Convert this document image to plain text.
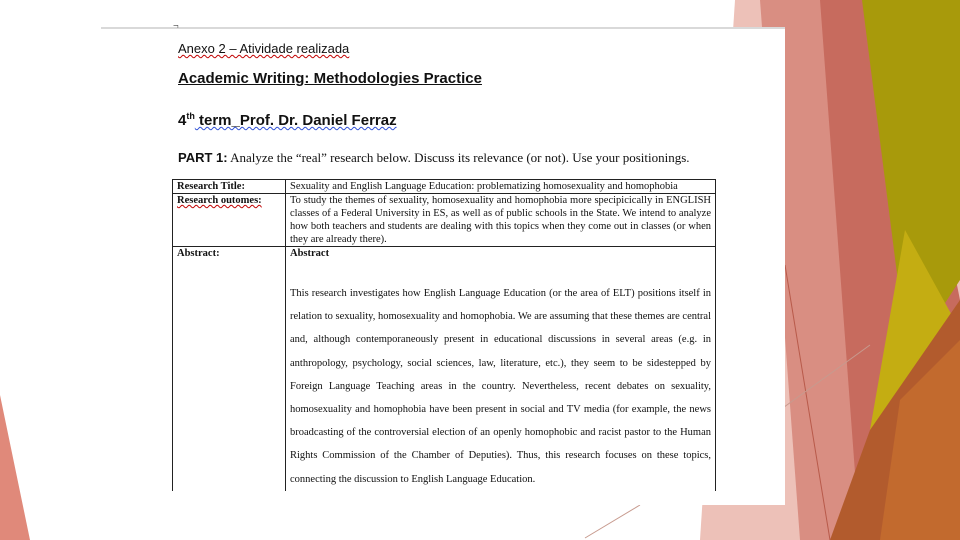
¬
Anexo 2 – Atividade realizada
Academic Writing: Methodologies Practice
4th term_Prof. Dr. Daniel Ferraz
PART 1: Analyze the “real” research below. Discuss its relevance (or not). Use your positionings.
Research Title:	Sexuality and English Language Education: problematizing homosexuality and homophobia
Research outomes:	To study the themes of sexuality, homosexuality and homophobia more specipicically in ENGLISH classes of a Federal University in ES, as well as of public schools in the State. We intend to analyze how both teachers and students are dealing with this topics when they come out in classes (or when they are already there).
Abstract:	Abstract
This research investigates how English Language Education (or the area of ELT) positions itself in relation to sexuality, homosexuality and homophobia. We are assuming that these themes are central and, although contemporaneously present in educational discussions in several areas (e.g. in anthropology, psychology, social sciences, law, literature, etc.), they seem to be sidestepped by Foreign Language Teaching areas in the country. Nevertheless, recent debates on sexuality, homosexuality and homophobia have been present in social and TV media (for example, the news broadcasting of the controversial election of an openly homophobic and racist pastor to the Human Rights Commission of the Chamber of Deputies). Thus, this research focuses on these topics, connecting the discussion to English Language Education.
